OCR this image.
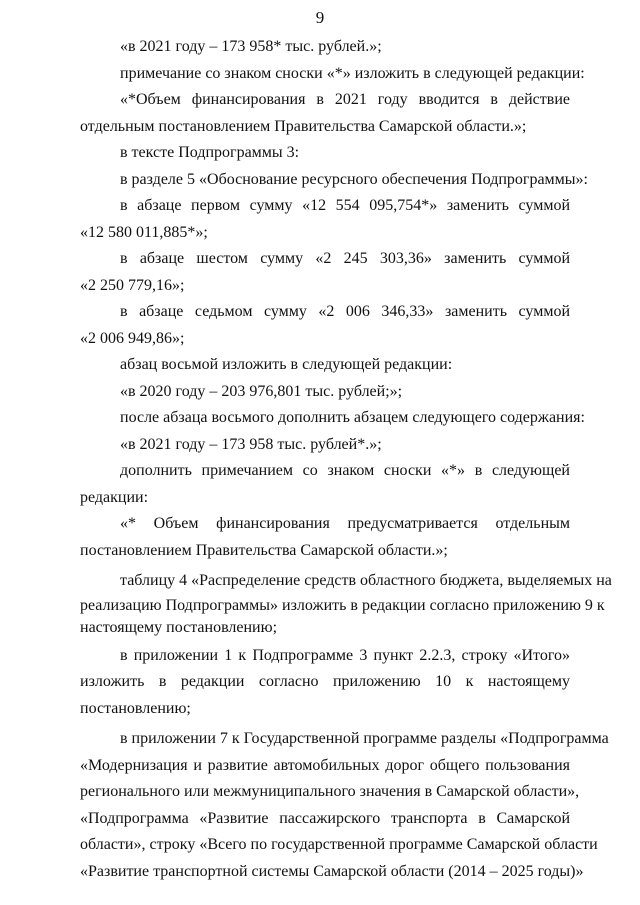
9
«в 2021 году – 173 958* тыс. рублей.»;
примечание со знаком сноски «*» изложить в следующей редакции:
«*Объем финансирования в 2021 году вводится в действие
отдельным постановлением Правительства Самарской области.»;
в тексте Подпрограммы 3:
в разделе 5 «Обоснование ресурсного обеспечения Подпрограммы»:
в абзаце первом сумму «12 554 095,754*» заменить суммой
«12 580 011,885*»;
в абзаце шестом сумму «2 245 303,36» заменить суммой
«2 250 779,16»;
в абзаце седьмом сумму «2 006 346,33» заменить суммой
«2 006 949,86»;
абзац восьмой изложить в следующей редакции:
«в 2020 году – 203 976,801 тыс. рублей;»;
после абзаца восьмого дополнить абзацем следующего содержания:
«в 2021 году – 173 958 тыс. рублей*.»;
дополнить примечанием со знаком сноски «*» в следующей
редакции:
«* Объем финансирования предусматривается отдельным
постановлением Правительства Самарской области.»;
таблицу 4 «Распределение средств областного бюджета, выделяемых на
реализацию Подпрограммы» изложить в редакции согласно приложению 9 к
настоящему постановлению;
в приложении 1 к Подпрограмме 3 пункт 2.2.3, строку «Итого»
изложить в редакции согласно приложению 10 к настоящему
постановлению;
в приложении 7 к Государственной программе разделы «Подпрограмма
«Модернизация и развитие автомобильных дорог общего пользования
регионального или межмуниципального значения в Самарской области»,
«Подпрограмма «Развитие пассажирского транспорта в Самарской
области», строку «Всего по государственной программе Самарской области
«Развитие транспортной системы Самарской области (2014 – 2025 годы)»
